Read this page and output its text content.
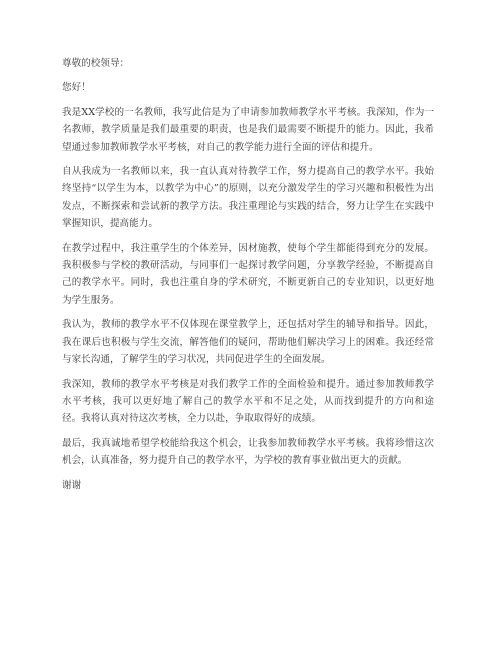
尊敬的校领导：

您好！

我是XX学校的一名教师，我写此信是为了申请参加教师教学水平考核。我深知，作为一名教师，教学质量是我们最重要的职责，也是我们最需要不断提升的能力。因此，我希望通过参加教师教学水平考核，对自己的教学能力进行全面的评估和提升。

自从我成为一名教师以来，我一直认真对待教学工作，努力提高自己的教学水平。我始终坚持“以学生为本，以教学为中心”的原则，以充分激发学生的学习兴趣和积极性为出发点，不断探索和尝试新的教学方法。我注重理论与实践的结合，努力让学生在实践中掌握知识，提高能力。

在教学过程中，我注重学生的个体差异，因材施教，使每个学生都能得到充分的发展。我积极参与学校的教研活动，与同事们一起探讨教学问题，分享教学经验，不断提高自己的教学水平。同时，我也注重自身的学术研究，不断更新自己的专业知识，以更好地为学生服务。

我认为，教师的教学水平不仅体现在课堂教学上，还包括对学生的辅导和指导。因此，我在课后也积极与学生交流，解答他们的疑问，帮助他们解决学习上的困难。我还经常与家长沟通，了解学生的学习状况，共同促进学生的全面发展。

我深知，教师的教学水平考核是对我们教学工作的全面检验和提升。通过参加教师教学水平考核，我可以更好地了解自己的教学水平和不足之处，从而找到提升的方向和途径。我将认真对待这次考核，全力以赴，争取取得好的成绩。

最后，我真诚地希望学校能给我这个机会，让我参加教师教学水平考核。我将珍惜这次机会，认真准备，努力提升自己的教学水平，为学校的教育事业做出更大的贡献。

谢谢
